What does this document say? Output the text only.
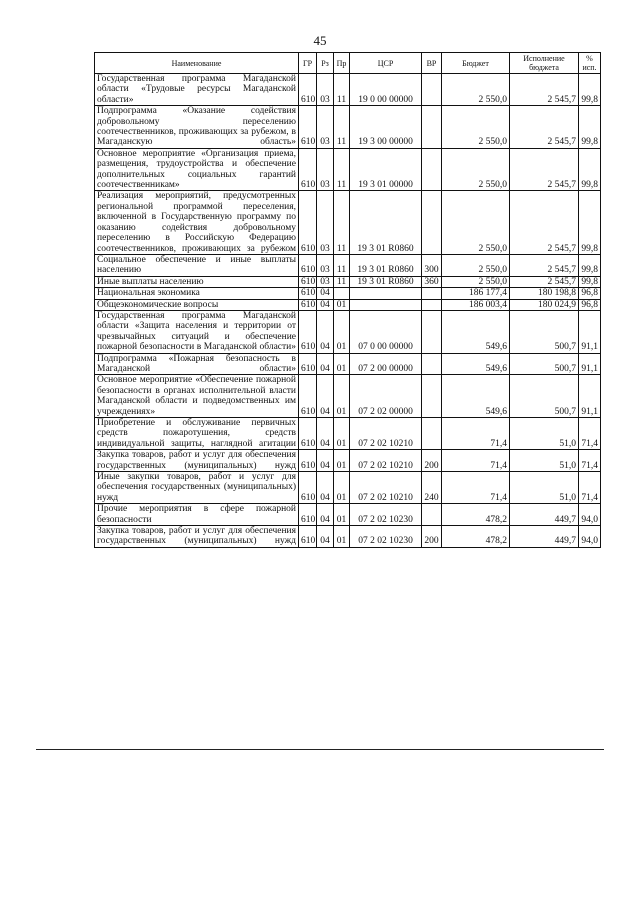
45
Наименование	ГР	Рз	Пр	ЦСР	ВР	Бюджет	Исполнение бюджета	% исп.
Государственная программа Магаданской области «Трудовые ресурсы Магаданской области»	610	03	11	19 0 00 00000		2 550,0	2 545,7	99,8
Подпрограмма «Оказание содействия добровольному переселению соотечественников, проживающих за рубежом, в Магаданскую область»	610	03	11	19 3 00 00000		2 550,0	2 545,7	99,8
Основное мероприятие «Организация приема, размещения, трудоустройства и обеспечение дополнительных социальных гарантий соотечественникам»	610	03	11	19 3 01 00000		2 550,0	2 545,7	99,8
Реализация мероприятий, предусмотренных региональной программой переселения, включенной в Государственную программу по оказанию содействия добровольному переселению в Российскую Федерацию соотечественников, проживающих за рубежом	610	03	11	19 3 01 R0860		2 550,0	2 545,7	99,8
Социальное обеспечение и иные выплаты населению	610	03	11	19 3 01 R0860	300	2 550,0	2 545,7	99,8
Иные выплаты населению	610	03	11	19 3 01 R0860	360	2 550,0	2 545,7	99,8
Национальная экономика	610	04				186 177,4	180 198,8	96,8
Общеэкономические вопросы	610	04	01			186 003,4	180 024,9	96,8
Государственная программа Магаданской области «Защита населения и территории от чрезвычайных ситуаций и обеспечение пожарной безопасности в Магаданской области»	610	04	01	07 0 00 00000		549,6	500,7	91,1
Подпрограмма «Пожарная безопасность в Магаданской области»	610	04	01	07 2 00 00000		549,6	500,7	91,1
Основное мероприятие «Обеспечение пожарной безопасности в органах исполнительной власти Магаданской области и подведомственных им учреждениях»	610	04	01	07 2 02 00000		549,6	500,7	91,1
Приобретение и обслуживание первичных средств пожаротушения, средств индивидуальной защиты, наглядной агитации	610	04	01	07 2 02 10210		71,4	51,0	71,4
Закупка товаров, работ и услуг для обеспечения государственных (муниципальных) нужд	610	04	01	07 2 02 10210	200	71,4	51,0	71,4
Иные закупки товаров, работ и услуг для обеспечения государственных (муниципальных) нужд	610	04	01	07 2 02 10210	240	71,4	51,0	71,4
Прочие мероприятия в сфере пожарной безопасности	610	04	01	07 2 02 10230		478,2	449,7	94,0
Закупка товаров, работ и услуг для обеспечения государственных (муниципальных) нужд	610	04	01	07 2 02 10230	200	478,2	449,7	94,0
